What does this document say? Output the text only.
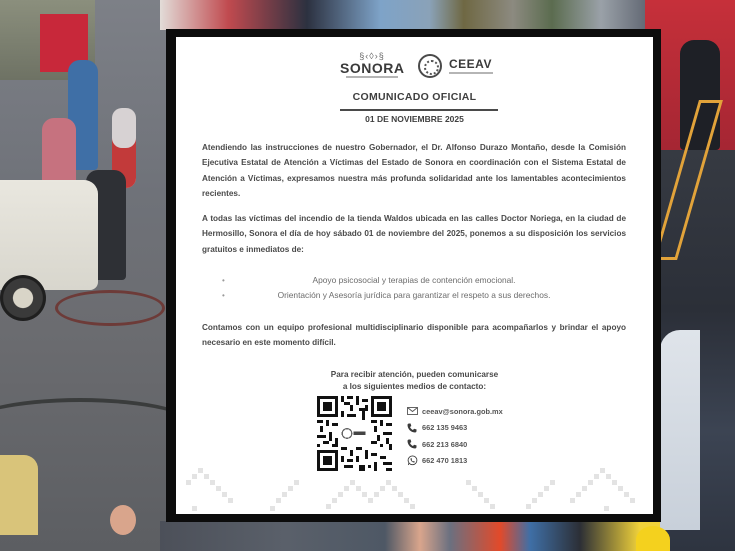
§‹◊›§
SONORA	CEEAV
COMUNICADO OFICIAL
01 DE NOVIEMBRE 2025

Atendiendo las instrucciones de nuestro Gobernador, el Dr. Alfonso Durazo Montaño, desde la Comisión Ejecutiva Estatal de Atención a Víctimas del Estado de Sonora en coordinación con el Sistema Estatal de Atención a Víctimas, expresamos nuestra más profunda solidaridad ante los lamentables acontecimientos recientes.

A todas las víctimas del incendio de la tienda Waldos ubicada en las calles Doctor Noriega, en la ciudad de Hermosillo, Sonora el día de hoy sábado 01 de noviembre del 2025, ponemos a su disposición los servicios gratuitos e inmediatos de:

•	Apoyo psicosocial y terapias de contención emocional.
•	Orientación y Asesoría jurídica para garantizar el respeto a sus derechos.

Contamos con un equipo profesional multidisciplinario disponible para acompañarlos y brindar el apoyo necesario en este momento difícil.

Para recibir atención, pueden comunicarse
a los siguientes medios de contacto:
ceeav@sonora.gob.mx
662 135 9463
662 213 6840
662 470 1813
